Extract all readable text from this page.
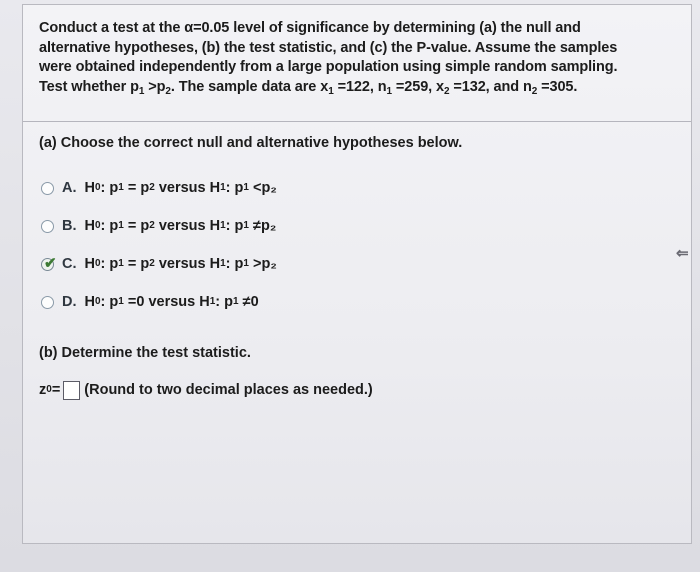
Conduct a test at the α=0.05 level of significance by determining (a) the null and
alternative hypotheses, (b) the test statistic, and (c) the P-value. Assume the samples
were obtained independently from a large population using simple random sampling.
Test whether $p_1 >p_2$. The sample data are $x_1 =122$, $n_1 =259$, $x_2 =132$, and $n_2 =305$.
(a) Choose the correct null and alternative hypotheses below.
A. H 0 :
p 1
=
p 2
versus
H 1 :
p 1
< p₂
B. H 0 :
p 1
=
p 2
versus
H 1 :
p 1
≠ p₂
✔ C. H 0 :
p 1
=
p 2
versus
H 1 :
p 1
> p₂
D. H 0 :
p 1
= 0
versus
H 1 :
p 1
≠ 0
(b) Determine the test statistic.
z 0 = (Round to two decimal places as needed.)
⇐
